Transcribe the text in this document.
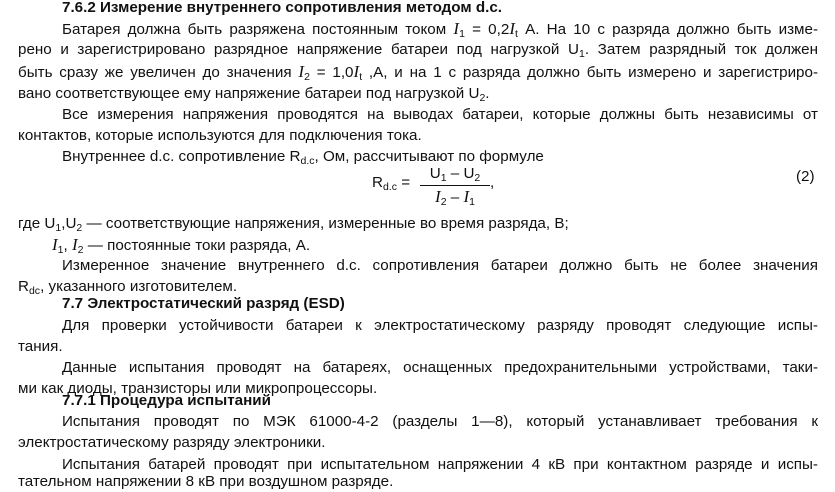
7.6.2 Измерение внутреннего сопротивления методом d.c.
Батарея должна быть разряжена постоянным током $I_1 = 0,2I_t$ А. На 10 с разряда должно быть изме-
рено и зарегистрировано разрядное напряжение батареи под нагрузкой $U_1$. Затем разрядный ток должен
быть сразу же увеличен до значения $I_2 = 1,0I_t$ ,А, и на 1 с разряда должно быть измерено и зарегистриро-
вано соответствующее ему напряжение батареи под нагрузкой $U_2$.
Все измерения напряжения проводятся на выводах батареи, которые должны быть независимы от
контактов, которые используются для подключения тока.
Внутреннее d.c. сопротивление $R_{d.c}$, Ом, рассчитывают по формуле
$R_{d.c}$ =
$U_1 - U_2$
$I_2 - I_1$
,	(2)
где $U_1,U_2$ — соответствующие напряжения, измеренные во время разряда, В;
$I_1$, $I_2$ — постоянные токи разряда, А.
Измеренное значение внутреннего d.c. сопротивления батареи должно быть не более значения
$R_{dc}$, указанного изготовителем.
7.7 Электростатический разряд (ESD)
Для проверки устойчивости батареи к электростатическому разряду проводят следующие испы-
тания.
Данные испытания проводят на батареях, оснащенных предохранительными устройствами, таки-
ми как диоды, транзисторы или микропроцессоры.
7.7.1 Процедура испытаний
Испытания проводят по МЭК 61000-4-2 (разделы 1—8), который устанавливает требования к
электростатическому разряду электроники.
Испытания батарей проводят при испытательном напряжении 4 кВ при контактном разряде и испы-
тательном напряжении 8 кВ при воздушном разряде.
